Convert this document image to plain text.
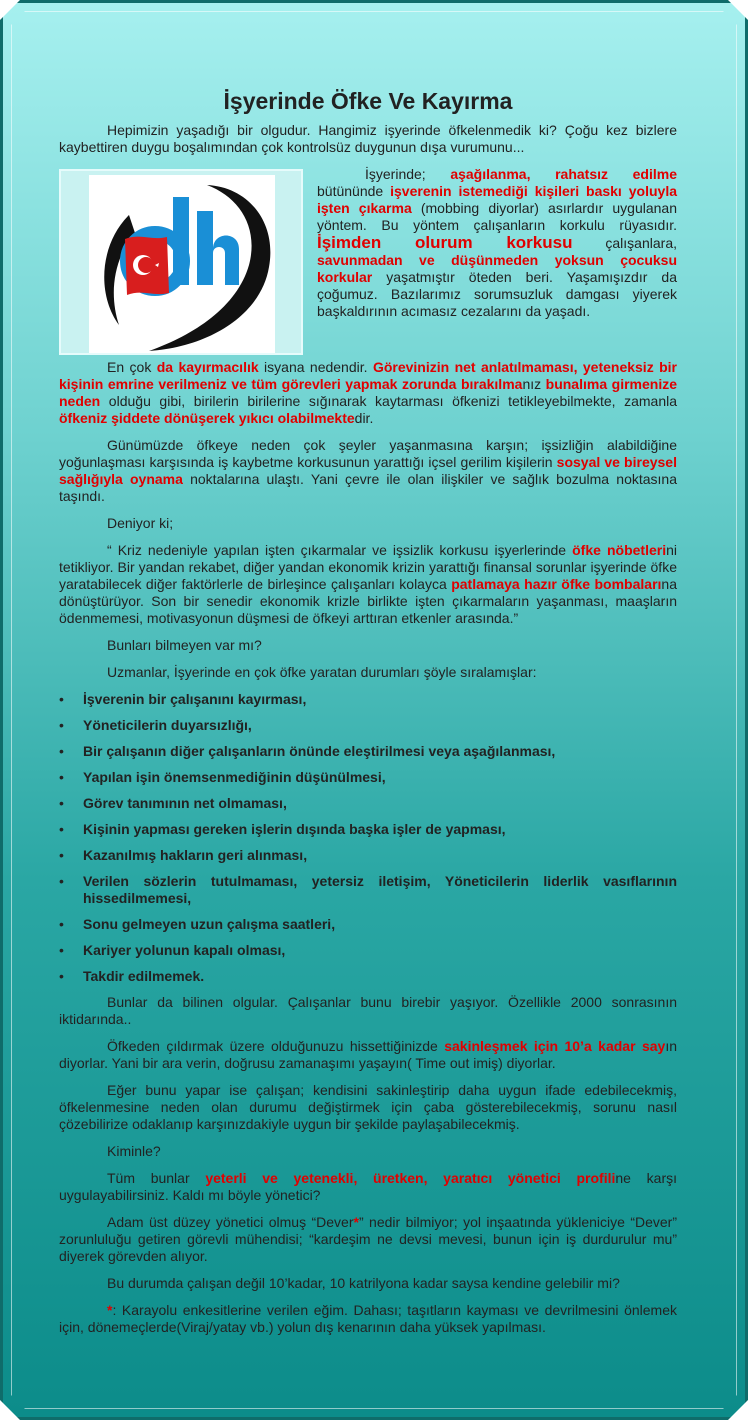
İşyerinde Öfke Ve Kayırma

Hepimizin yaşadığı bir olgudur. Hangimiz işyerinde öfkelenmedik ki? Çoğu kez bizlere kaybettiren duygu boşalımından çok kontrolsüz duygunun dışa vurumunu...

İşyerinde; aşağılanma, rahatsız edilme bütününde işverenin istemediği kişileri baskı yoluyla işten çıkarma (mobbing diyorlar) asırlardır uygulanan yöntem. Bu yöntem çalışanların korkulu rüyasıdır. İşimden olurum korkusu çalışanlara, savunmadan ve düşünmeden yoksun çocuksu korkular yaşatmıştır öteden beri. Yaşamışızdır da çoğumuz. Bazılarımız sorumsuzluk damgası yiyerek başkaldırının acımasız cezalarını da yaşadı.

En çok da kayırmacılık isyana nedendir. Görevinizin net anlatılmaması, yeteneksiz bir kişinin emrine verilmeniz ve tüm görevleri yapmak zorunda bırakılmanız bunalıma girmenize neden olduğu gibi, birilerin birilerine sığınarak kaytarması öfkenizi tetikleyebilmekte, zamanla öfkeniz şiddete dönüşerek yıkıcı olabilmektedir.

Günümüzde öfkeye neden çok şeyler yaşanmasına karşın; işsizliğin alabildiğine yoğunlaşması karşısında iş kaybetme korkusunun yarattığı içsel gerilim kişilerin sosyal ve bireysel sağlığıyla oynama noktalarına ulaştı. Yani çevre ile olan ilişkiler ve sağlık bozulma noktasına taşındı.

Deniyor ki;

“ Kriz nedeniyle yapılan işten çıkarmalar ve işsizlik korkusu işyerlerinde öfke nöbetlerini tetikliyor. Bir yandan rekabet, diğer yandan ekonomik krizin yarattığı finansal sorunlar işyerinde öfke yaratabilecek diğer faktörlerle de birleşince çalışanları kolayca patlamaya hazır öfke bombalarına dönüştürüyor. Son bir senedir ekonomik krizle birlikte işten çıkarmaların yaşanması, maaşların ödenmemesi, motivasyonun düşmesi de öfkeyi arttıran etkenler arasında.”

Bunları bilmeyen var mı?

Uzmanlar, İşyerinde en çok öfke yaratan durumları şöyle sıralamışlar:

• İşverenin bir çalışanını kayırması,
• Yöneticilerin duyarsızlığı,
• Bir çalışanın diğer çalışanların önünde eleştirilmesi veya aşağılanması,
• Yapılan işin önemsenmediğinin düşünülmesi,
• Görev tanımının net olmaması,
• Kişinin yapması gereken işlerin dışında başka işler de yapması,
• Kazanılmış hakların geri alınması,
• Verilen sözlerin tutulmaması, yetersiz iletişim, Yöneticilerin liderlik vasıflarının hissedilmemesi,
• Sonu gelmeyen uzun çalışma saatleri,
• Kariyer yolunun kapalı olması,
• Takdir edilmemek.

Bunlar da bilinen olgular. Çalışanlar bunu birebir yaşıyor. Özellikle 2000 sonrasının iktidarında..

Öfkeden çıldırmak üzere olduğunuzu hissettiğinizde sakinleşmek için 10’a kadar sayın diyorlar. Yani bir ara verin, doğrusu zamanaşımı yaşayın( Time out imiş) diyorlar.

Eğer bunu yapar ise çalışan; kendisini sakinleştirip daha uygun ifade edebilecekmiş, öfkelenmesine neden olan durumu değiştirmek için çaba gösterebilecekmiş, sorunu nasıl çözebilirize odaklanıp karşınızdakiyle uygun bir şekilde paylaşabilecekmiş.

Kiminle?

Tüm bunlar yeterli ve yetenekli, üretken, yaratıcı yönetici profiline karşı uygulayabilirsiniz. Kaldı mı böyle yönetici?

Adam üst düzey yönetici olmuş “Dever*” nedir bilmiyor; yol inşaatında yükleniciye “Dever” zorunluluğu getiren görevli mühendisi; “kardeşim ne devsi mevesi, bunun için iş durdurulur mu” diyerek görevden alıyor.

Bu durumda çalışan değil 10’kadar, 10 katrilyona kadar saysa kendine gelebilir mi?

*: Karayolu enkesitlerine verilen eğim. Dahası; taşıtların kayması ve devrilmesini önlemek için, dönemeçlerde(Viraj/yatay vb.) yolun dış kenarının daha yüksek yapılması.
